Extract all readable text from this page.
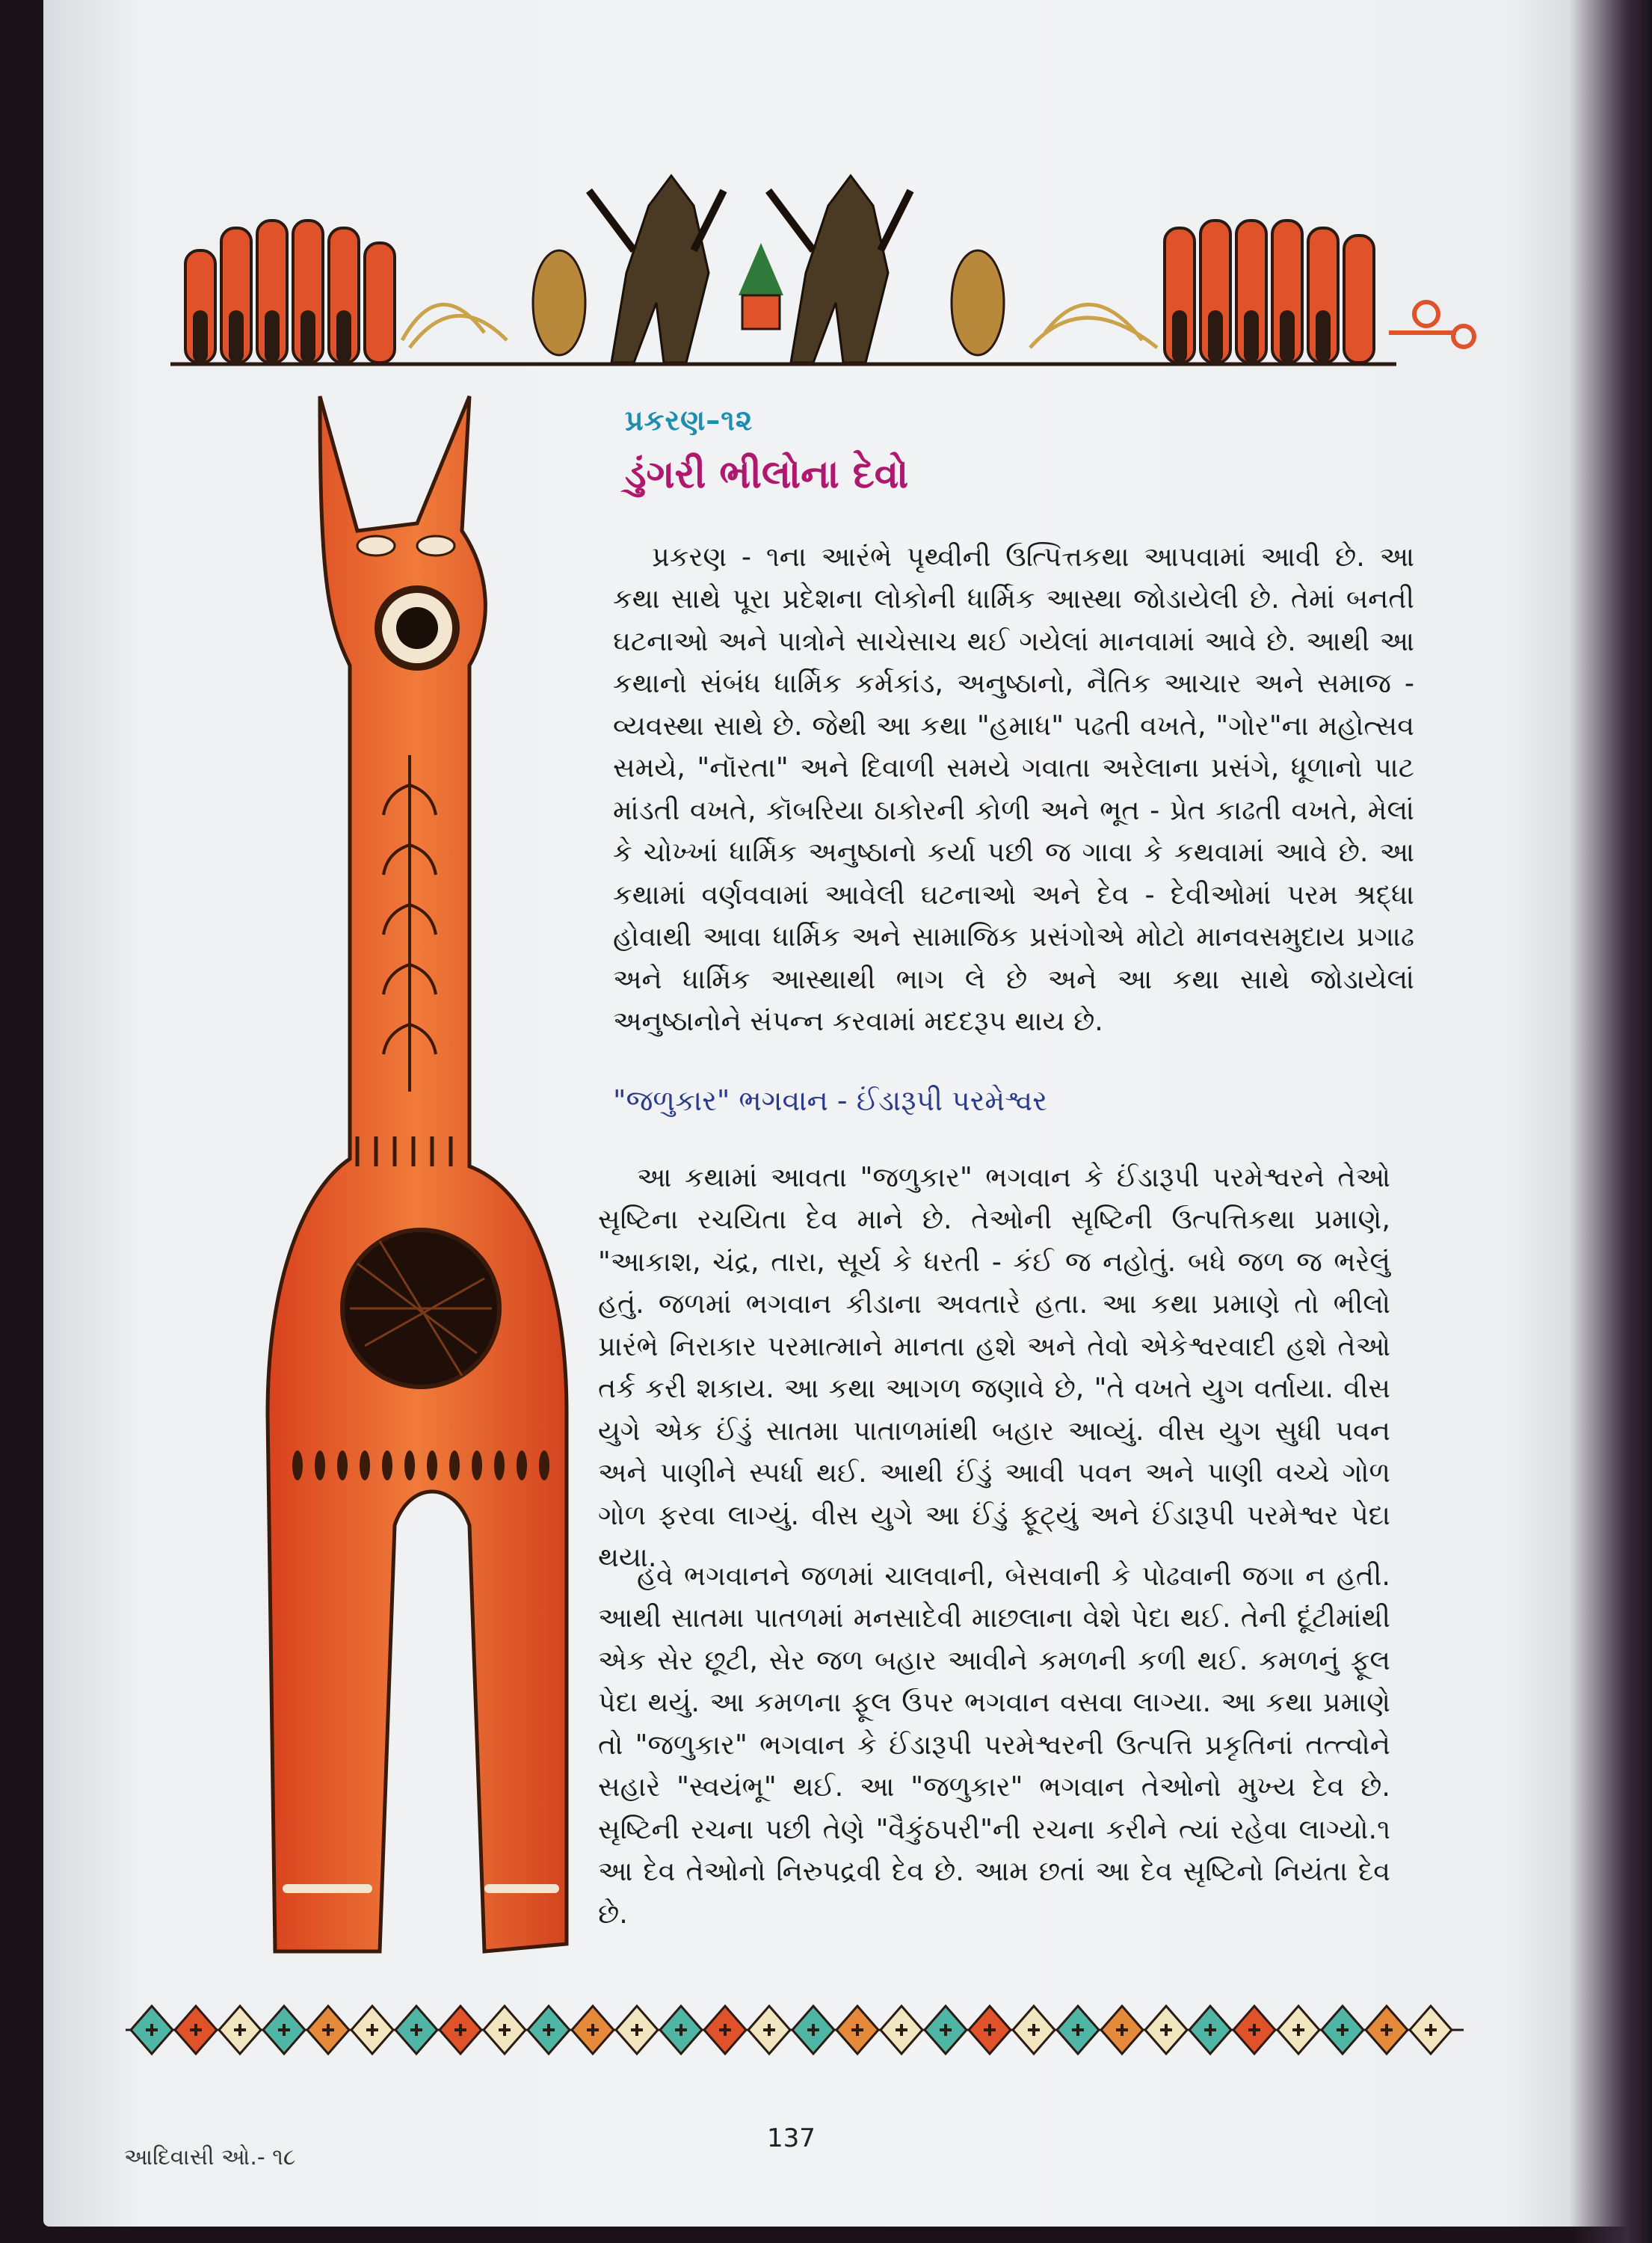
પ્રકરણ–૧૨
ડુંગરી ભીલોના દેવો

પ્રકરણ - ૧ના આરંભે પૃથ્વીની ઉત્પિત્તકથા આપવામાં આવી છે. આ કથા સાથે પૂરા પ્રદેશના લોકોની ધાર્મિક આસ્થા જોડાયેલી છે. તેમાં બનતી ઘટનાઓ અને પાત્રોને સાચેસાચ થઈ ગયેલાં માનવામાં આવે છે. આથી આ કથાનો સંબંધ ધાર્મિક કર્મકાંડ, અનુષ્ઠાનો, નૈતિક આચાર અને સમાજ - વ્યવસ્થા સાથે છે. જેથી આ કથા "હમાધ" પઢતી વખતે, "ગોર"ના મહોત્સવ સમયે, "નૉરતા" અને દિવાળી સમયે ગવાતા અરેલાના પ્રસંગે, ધૂળાનો પાટ માંડતી વખતે, કૉબરિયા ઠાકોરની કોળી અને ભૂત - પ્રેત કાઢતી વખતે, મેલાં કે ચોખ્ખાં ધાર્મિક અનુષ્ઠાનો કર્યા પછી જ ગાવા કે કથવામાં આવે છે. આ કથામાં વર્ણવવામાં આવેલી ઘટનાઓ અને દેવ - દેવીઓમાં પરમ શ્રદ્ધા હોવાથી આવા ધાર્મિક અને સામાજિક પ્રસંગોએ મોટો માનવસમુદાય પ્રગાઢ અને ધાર્મિક આસ્થાથી ભાગ લે છે અને આ કથા સાથે જોડાયેલાં અનુષ્ઠાનોને સંપન્ન કરવામાં મદદરૂપ થાય છે.

"જળુકાર" ભગવાન - ઈંડારૂપી પરમેશ્વર

આ કથામાં આવતા "જળુકાર" ભગવાન કે ઈંડારૂપી પરમેશ્વરને તેઓ સૃષ્ટિના રચયિતા દેવ માને છે. તેઓની સૃષ્ટિની ઉત્પત્તિકથા પ્રમાણે, "આકાશ, ચંદ્ર, તારા, સૂર્ય કે ધરતી - કંઈ જ નહોતું. બધે જળ જ ભરેલું હતું. જળમાં ભગવાન કીડાના અવતારે હતા. આ કથા પ્રમાણે તો ભીલો પ્રારંભે નિરાકાર પરમાત્માને માનતા હશે અને તેવો એકેશ્વરવાદી હશે તેઓ તર્ક કરી શકાય. આ કથા આગળ જણાવે છે, "તે વખતે યુગ વર્તાયા. વીસ યુગે એક ઈંડું સાતમા પાતાળમાંથી બહાર આવ્યું. વીસ યુગ સુધી પવન અને પાણીને સ્પર્ધા થઈ. આથી ઈંડું આવી પવન અને પાણી વચ્ચે ગોળ ગોળ ફરવા લાગ્યું. વીસ યુગે આ ઈંડું ફૂટ્યું અને ઈંડારૂપી પરમેશ્વર પેદા થયા.

હવે ભગવાનને જળમાં ચાલવાની, બેસવાની કે પોઢવાની જગા ન હતી. આથી સાતમા પાતળમાં મનસાદેવી માછલાના વેશે પેદા થઈ. તેની દૂંટીમાંથી એક સેર છૂટી, સેર જળ બહાર આવીને કમળની કળી થઈ. કમળનું ફૂલ પેદા થયું. આ કમળના ફૂલ ઉપર ભગવાન વસવા લાગ્યા. આ કથા પ્રમાણે તો "જળુકાર" ભગવાન કે ઈંડારૂપી પરમેશ્વરની ઉત્પત્તિ પ્રકૃતિનાં તત્ત્વોને સહારે "સ્વયંભૂ" થઈ. આ "જળુકાર" ભગવાન તેઓનો મુખ્ય દેવ છે. સૃષ્ટિની રચના પછી તેણે "વૈકુંઠપરી"ની રચના કરીને ત્યાં રહેવા લાગ્યો.૧ આ દેવ તેઓનો નિરુપદ્રવી દેવ છે. આમ છતાં આ દેવ સૃષ્ટિનો નિયંતા દેવ છે.

137
આદિવાસી ઓ.- ૧૮
